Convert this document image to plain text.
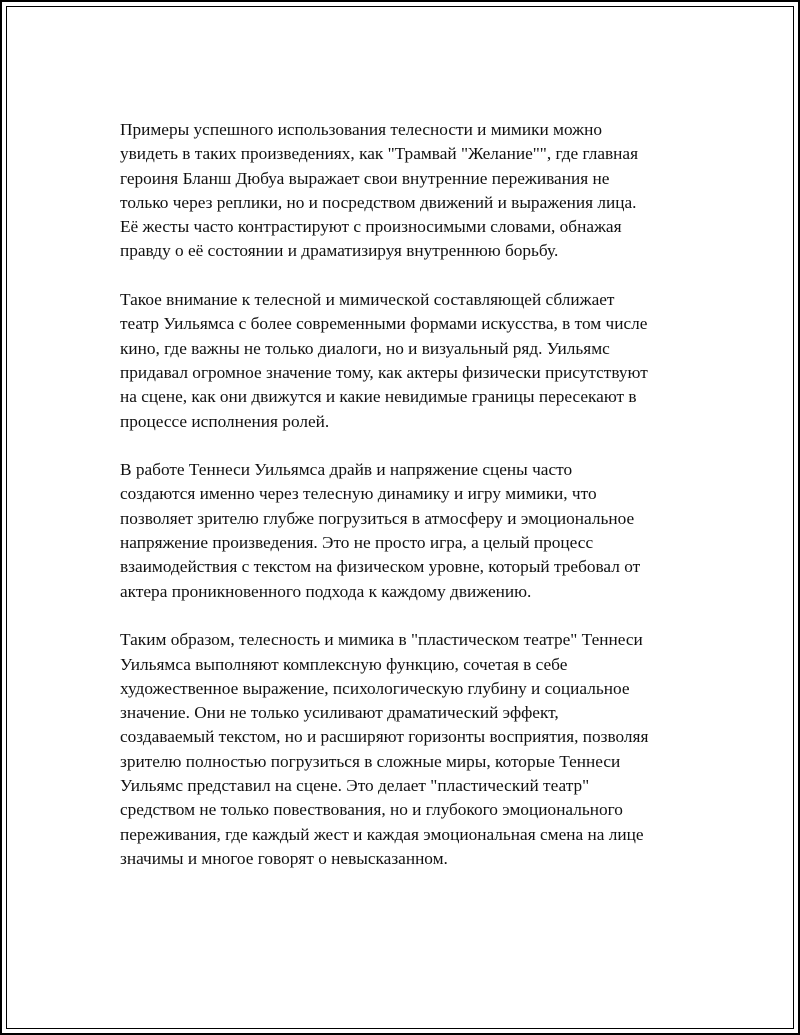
Примеры успешного использования телесности и мимики можно
увидеть в таких произведениях, как "Трамвай "Желание"", где главная
героиня Бланш Дюбуа выражает свои внутренние переживания не
только через реплики, но и посредством движений и выражения лица.
Её жесты часто контрастируют с произносимыми словами, обнажая
правду о её состоянии и драматизируя внутреннюю борьбу.
Такое внимание к телесной и мимической составляющей сближает
театр Уильямса с более современными формами искусства, в том числе
кино, где важны не только диалоги, но и визуальный ряд. Уильямс
придавал огромное значение тому, как актеры физически присутствуют
на сцене, как они движутся и какие невидимые границы пересекают в
процессе исполнения ролей.
В работе Теннеси Уильямса драйв и напряжение сцены часто
создаются именно через телесную динамику и игру мимики, что
позволяет зрителю глубже погрузиться в атмосферу и эмоциональное
напряжение произведения. Это не просто игра, а целый процесс
взаимодействия с текстом на физическом уровне, который требовал от
актера проникновенного подхода к каждому движению.
Таким образом, телесность и мимика в "пластическом театре" Теннеси
Уильямса выполняют комплексную функцию, сочетая в себе
художественное выражение, психологическую глубину и социальное
значение. Они не только усиливают драматический эффект,
создаваемый текстом, но и расширяют горизонты восприятия, позволяя
зрителю полностью погрузиться в сложные миры, которые Теннеси
Уильямс представил на сцене. Это делает "пластический театр"
средством не только повествования, но и глубокого эмоционального
переживания, где каждый жест и каждая эмоциональная смена на лице
значимы и многое говорят о невысказанном.
